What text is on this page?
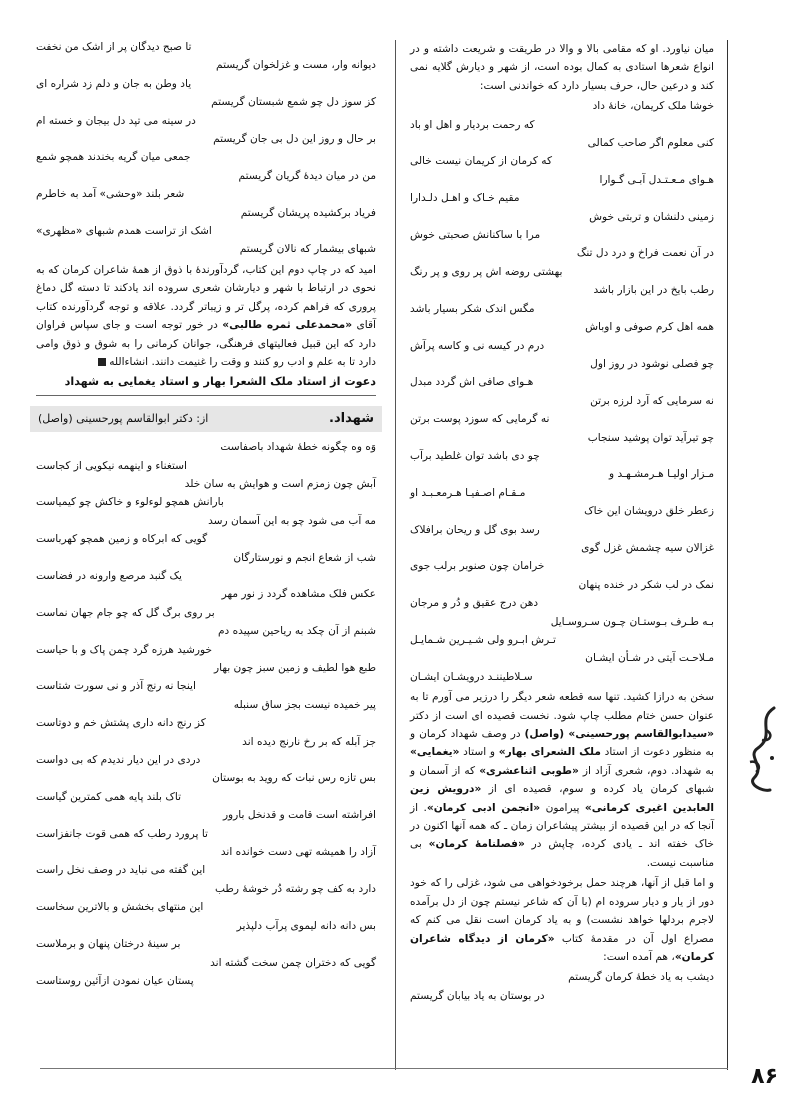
میان نیاورد. او که مقامی بالا و والا در طریقت و شریعت داشته و در انواع شعرها استادی به کمال بوده است، از شهر و دیارش گلایه نمی کند و درعین حال، حرف بسیار دارد که خواندنی است:
خوشا ملک کریمان، خانهٔ داد
که رحمت بردیار و اهل او باد
کنی معلوم اگر صاحب کمالی
که کرمان از کریمان نیست خالی
هـوای مـعـتـدل آبـی گـوارا
مقیم خـاک و اهـل دلـدارا
زمینی دلنشان و تربتی خوش
مرا با ساکنانش صحبتی خوش
در آن نعمت فراخ و درد دل تنگ
بهشتی روضه اش پر روی و پر رنگ
رطب بایخ در این بازار باشد
مگس اندک شکر بسیار باشد
همه اهل کرم صوفی و اوباش
درم در کیسه نی و کاسه پرآش
چو فصلی نوشود در روز اول
هـوای صافی اش گردد مبدل
نه سرمایی که آرد لرزه برتن
نه گرمایی که سوزد پوست برتن
چو تیرآید توان پوشید سنجاب
چو دی باشد توان غلطید برآب
مـزار اولیـا هـرمشـهـد و
مـقـام اصـفیـا هـرمعـبـد او
زعطر خلق درویشان این خاک
رسد بوی گل و ریحان برافلاک
غزالان سیه چشمش غزل گوی
خرامان چون صنوبر برلب جوی
نمک در لب شکر در خنده پنهان
دهن درج عقیق و دُر و مرجان
بـه طـرف بـوستـان چـون سـروسـایل
تـرش ابـرو ولی شـیـرین شـمایـل
مـلاحـت آیتی در شـأن ایشـان
سـلاطیننـد درویشـان ایشـان
سخن به درازا کشید. تنها سه قطعه شعر دیگر را درزیر می آورم تا به عنوان حسن ختام مطلب چاپ شود. نخست قصیده ای است از دکتر «سیدابوالقاسم پورحسینی» (واصل) در وصف شهداد کرمان و به منظور دعوت از استاد ملک الشعرای بهار» و استاد «یغمایی» به شهداد. دوم، شعری آزاد از «طوبی اثناعشری» که از آسمان و شبهای کرمان یاد کرده و سوم، قصیده ای از «درویش زین العابدین اغیری کرمانی» پیرامون «انجمن ادبی کرمان». از آنجا که در این قصیده از بیشتر پیشاعران زمان ـ که همه آنها اکنون در خاک خفته اند ـ یادی کرده، چاپش در «فصلنامهٔ کرمان» بی مناسبت نیست.
و اما قبل از آنها، هرچند حمل برخودخواهی می شود، غزلی را که خود دور از یار و دیار سروده ام (با آن که شاعر نیستم چون از دل برآمده لاجرم بردلها خواهد نشست) و به یاد کرمان است نقل می کنم که مصراع اول آن در مقدمهٔ کتاب «کرمان از دیدگاه شاعران کرمان»، هم آمده است:
دیشب به یاد خطهٔ کرمان گریستم
در بوستان به یاد بیابان گریستم
تا صبح دیدگان پر از اشک من نخفت
دیوانه وار، مست و غزلخوان گریستم
یاد وطن به جان و دلم زد شراره ای
کز سوز دل چو شمع شبستان گریستم
در سینه می تپد دل بیجان و خسته ام
بر حال و روز این دل بی جان گریستم
جمعی میان گریه بخندند همچو شمع
من در میان دیدهٔ گریان گریستم
شعر بلند «وحشی» آمد به خاطرم
فریاد برکشیده پریشان گریستم
اشک از تراست همدم شبهای «مظهری»
شبهای بیشمار که نالان گریستم
امید که در چاپ دوم این کتاب، گردآورندهٔ با ذوق از همهٔ شاعران کرمان که به نحوی در ارتباط با شهر و دیارشان شعری سروده اند یادکند تا دسته گل دماغ پروری که فراهم کرده، پرگل تر و زیباتر گردد. علاقه و توجه گردآورنده کتاب آقای «محمدعلی ثمره طالبی» در خور توجه است و جای سپاس فراوان دارد که این قبیل فعالیتهای فرهنگی، جوانان کرمانی را به شوق و ذوق وامی دارد تا به علم و ادب رو کنند و وقت را غنیمت دانند. انشاءالله
دعوت از استاد ملک الشعرا بهار و استاد یغمایی به شهداد
شهداد.
از: دکتر ابوالقاسم پورحسینی (واصل)
وَه وه چگونه خطهٔ شهداد باصفاست
استغناء و اینهمه نیکویی از کجاست
آبش چون زمزم است و هوایش به سان خلد
بارانش همچو لوءلوء و خاکش چو کیمیاست
مه آب می شود چو به این آسمان رسد
گویی که ابرکاه و زمین همچو کهرباست
شب از شعاع انجم و نورستارگان
یک گنبد مرصع وارونه در فضاست
عکس فلک مشاهده گردد ز نور مهر
بر روی برگ گل که چو جام جهان نماست
شبنم از آن چکد به ریاحین سپیده دم
خورشید هرزه گرد چمن پاک و با حیاست
طبع هوا لطیف و زمین سبز چون بهار
اینجا نه رنج آذر و نی سورت شتاست
پیر خمیده نیست بجز ساق سنبله
کز رنج دانه داری پشتش خم و دوتاست
جز آبله که بر رخ نارنج دیده اند
دردی در این دیار ندیدم که بی دواست
بس تازه رس نبات که روید به بوستان
تاک بلند پایه همی کمترین گیاست
افراشته است قامت و قدنخل بارور
تا پرورد رطب که همی قوت جانفزاست
آزاد را همیشه تهی دست خوانده اند
این گفته می نباید در وصف نخل راست
دارد به کف چو رشته دُر خوشهٔ رطب
این منتهای بخشش و بالاترین سخاست
بس دانه دانه لیموی پرآب دلپذیر
بر سینهٔ درختان پنهان و برملاست
گویی که دختران چمن سخت گشته اند
پستان عیان نمودن ازآئین روستاست
۸۶
